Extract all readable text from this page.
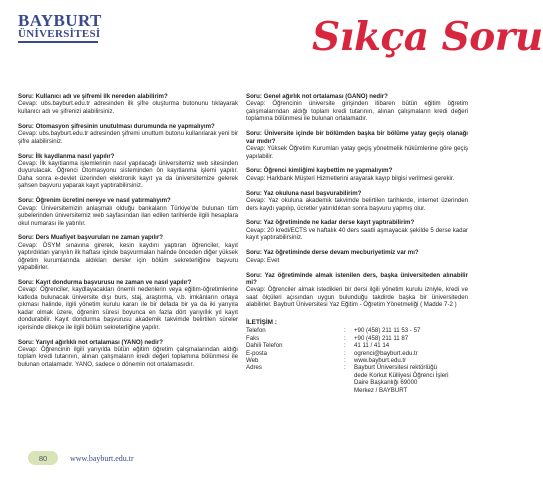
BAYBURT
ÜNİVERSİTESİ	Sıkça Soru
Soru: Kullanıcı adı ve şifremi ilk nereden alabilirim?
Cevap: ubs.bayburt.edu.tr adresinden ilk şifre oluşturma butonunu tıklayarak kullanıcı adı ve şifrenizi alabilirsiniz.
Soru: Otomasyon şifresinin unutulması durumunda ne yapmalıyım?
Cevap: ubs.bayburt.edu.tr adresinden şifremi unuttum butonu kullanılarak yeni bir şifre alabilirsiniz.
Soru: İlk kaydlanma nasıl yapılır?
Cevap: İlk kayıtlanma işlemlerinin nasıl yapılacağı üniversitemiz web sitesinden duyurulacak. Öğrenci Otomasyonu sisteminden ön kayıtlanma işlemi yapılır. Daha sonra e-devlet üzerinden elektronik kayıt ya da üniversitemize gelerek şahsen başvuru yaparak kayıt yaptırabilirsiniz.
Soru: Öğrenim ücretini nereye ve nasıl yatırmalıyım?
Cevap: Üniversitemizin anlaşmalı olduğu bankaların Türkiye'de bulunan tüm şubelerinden üniversitemiz web sayfasından ilan edilen tarihlerde ilgili hesaplara okul numarası ile yatırılır.
Soru: Ders Muafiyet başvuruları ne zaman yapılır?
Cevap: ÖSYM sınavına girerek, kesin kaydını yaptıran öğrenciler, kayıt yaptırdıkları yarıyılın ilk haftası içinde başvurmaları halinde önceden diğer yüksek öğretim kurumlarında aldıkları dersler için bölüm sekreterliğine başvuru yapabilirler.
Soru: Kayıt dondurma başvurusu ne zaman ve nasıl yapılır?
Cevap: Öğrenciler, kaydlayacakları önemli nedenlerin veya eğitim-öğretimlerine katkıda bulunacak üniversite dışı burs, staj, araştırma, v.b. imkânların ortaya çıkması halinde, ilgili yönetim kurulu kararı ile bir defada bir ya da iki yarıyıla kadar olmak üzere, öğrenim süresi boyunca en fazla dört yarıyıllık yıl kayıt dondurabilir. Kayıt dondurma başvurusu akademik takvimde belirtilen süreler içerisinde dilekçe ile ilgili bölüm sekreterliğine yapılır.
Soru: Yarıyıl ağırlıklı not ortalaması (YANO) nedir?
Cevap: Öğrencinin ilgili yarıyılda bütün eğitim öğretim çalışmalarından aldığı toplam kredi tutarının, alınan çalışmaların kredi değeri toplamına bölünmesi ile bulunan ortalamadır. YANO, sadece o dönemin not ortalamasıdır.
Soru: Genel ağırlık not ortalaması (GANO) nedir?
Cevap: Öğrencinin üniversite girişinden itibaren bütün eğitim öğretim çalışmalarından aldığı toplam kredi tutarının, alınan çalışmaların kredi değeri toplamına bölünmesi ile bulunan ortalamadır.
Soru: Üniversite içinde bir bölümden başka bir bölüme yatay geçiş olanağı var mıdır?
Cevap: Yüksek Öğretim Kurumları yatay geçiş yönetmelik hükümlerine göre geçiş yapılabilir.
Soru: Öğrenci kimliğimi kaybettim ne yapmalıyım?
Cevap: Harkbank Müşteri Hizmetlerini arayarak kayıp bilgisi verilmesi gerekir.
Soru: Yaz okuluna nasıl başvurabilirim?
Cevap: Yaz okuluna akademik takvimde belirtilen tarihlerde, internet üzerinden ders kaydı yapılıp, ücretler yatırıldıktan sonra başvuru yapmış olur.
Soru: Yaz öğretiminde ne kadar derse kayıt yaptırabilirim?
Cevap: 20 kredi/ECTS ve haftalık 40 ders saatli aşmayacak şekilde 5 derse kadar kayıt yaptırabilirsiniz.
Soru: Yaz öğretiminde derse devam mecburiyetimiz var mı?
Cevap: Evet
Soru: Yaz öğretiminde almak istenilen ders, başka üniversiteden alınabilir mi?
Cevap: Öğrenciler almak istedikleri bir dersi ilgili yönetim kurulu izniyle, kredi ve saat ölçüleri açısından uygun bulunduğu takdirde başka bir üniversiteden alabilirler. Bayburt Üniversitesi Yaz Eğitim - Öğretim Yönetmeliği ( Madde 7-2 )
İLETİŞİM :
Telefon	:	+90 (458) 211 11 53 - 57
Faks	:	+90 (458) 211 11 87
Dahili Telefon	:	41 11 / 41 14
E-posta	:	ogrenci@bayburt.edu.tr
Web	:	www.bayburt.edu.tr
Adres	:	Bayburt Üniversitesi rektörlüğü
dede Korkut Külliyesi Öğrenci İşleri
Daire Başkanlığı 69000
Merkez / BAYBURT
80	www.bayburt.edu.tr
